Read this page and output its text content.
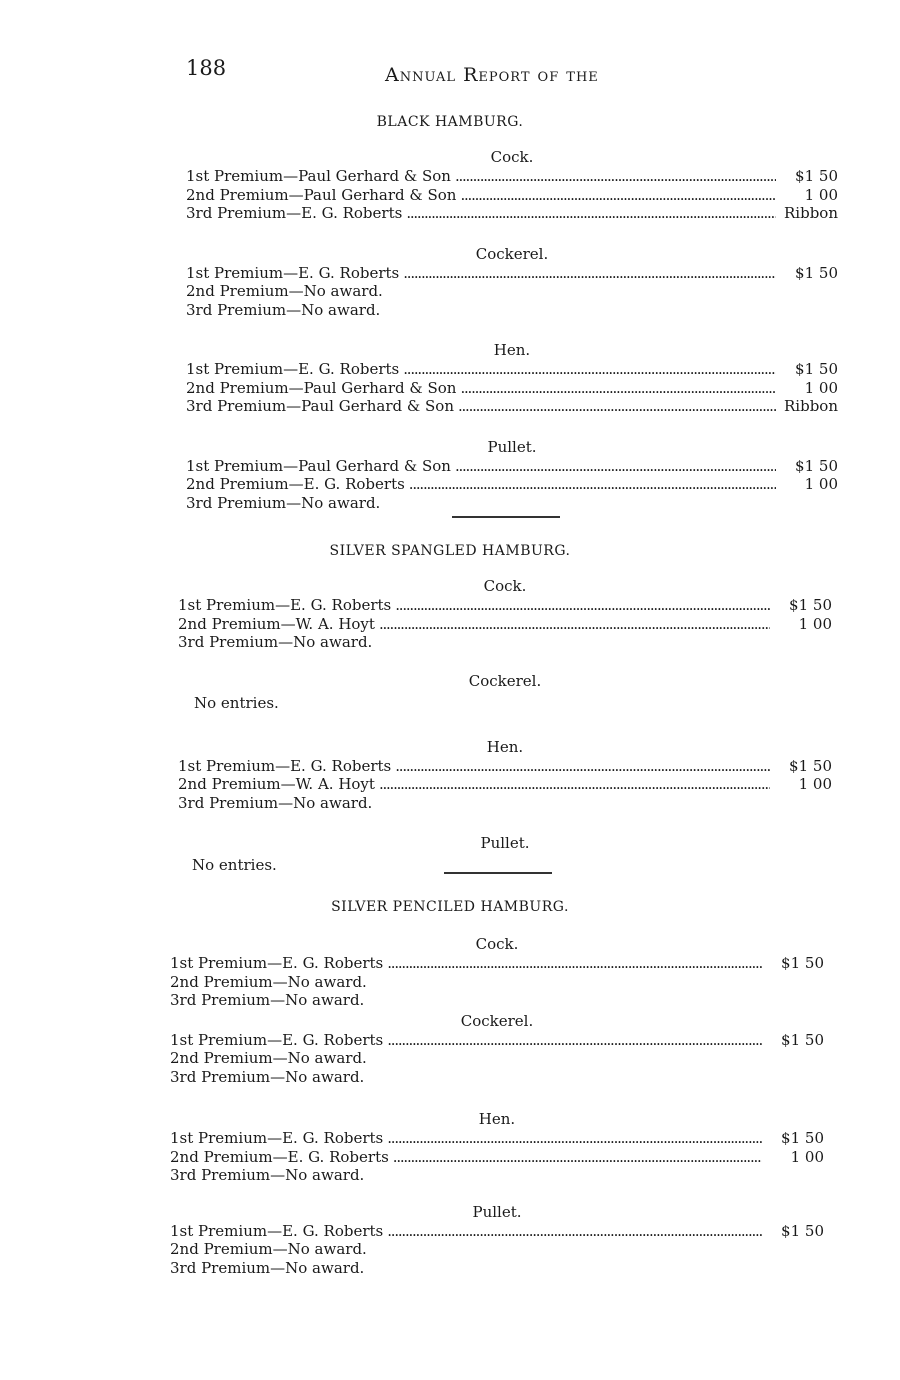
188	Annual Report of the
BLACK HAMBURG.
Cock.
1st Premium—Paul Gerhard & Son . . .	$1 50
2nd Premium—Paul Gerhard & Son . . .	1 00
3rd Premium—E. G. Roberts . . .	Ribbon
Cockerel.
1st Premium—E. G. Roberts . . .	$1 50
2nd Premium—No award.
3rd Premium—No award.
Hen.
1st Premium—E. G. Roberts . . .	$1 50
2nd Premium—Paul Gerhard & Son . . .	1 00
3rd Premium—Paul Gerhard & Son . . .	Ribbon
Pullet.
1st Premium—Paul Gerhard & Son . . .	$1 50
2nd Premium—E. G. Roberts . . .	1 00
3rd Premium—No award.
SILVER SPANGLED HAMBURG.
Cock.
1st Premium—E. G. Roberts . . .	$1 50
2nd Premium—W. A. Hoyt . . .	1 00
3rd Premium—No award.
Cockerel.
No entries.
Hen.
1st Premium—E. G. Roberts . . .	$1 50
2nd Premium—W. A. Hoyt . . .	1 00
3rd Premium—No award.
Pullet.
No entries.
SILVER PENCILED HAMBURG.
Cock.
1st Premium—E. G. Roberts . . .	$1 50
2nd Premium—No award.
3rd Premium—No award.
Cockerel.
1st Premium—E. G. Roberts . . .	$1 50
2nd Premium—No award.
3rd Premium—No award.
Hen.
1st Premium—E. G. Roberts . . .	$1 50
2nd Premium—E. G. Roberts . . .	1 00
3rd Premium—No award.
Pullet.
1st Premium—E. G. Roberts . . .	$1 50
2nd Premium—No award.
3rd Premium—No award.
